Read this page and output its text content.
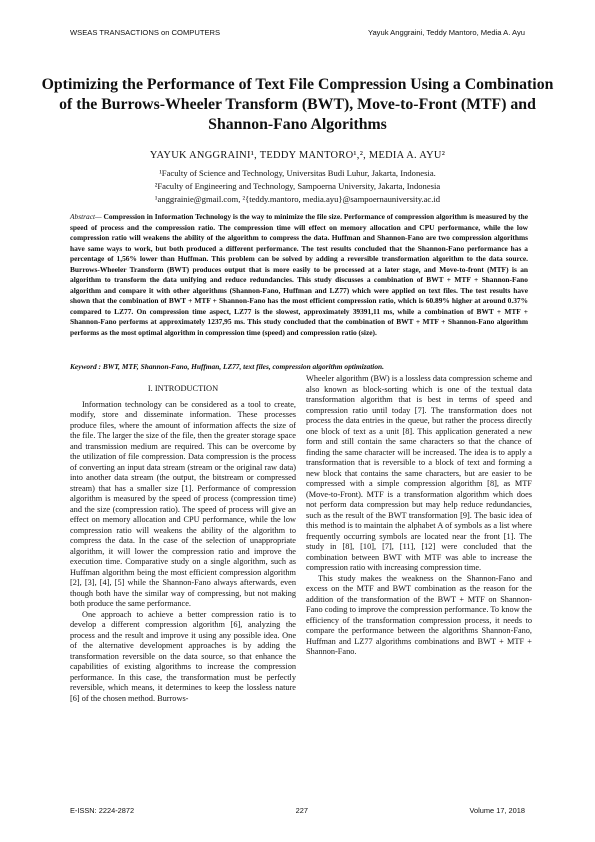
WSEAS TRANSACTIONS on COMPUTERS	Yayuk Anggraini, Teddy Mantoro, Media A. Ayu
Optimizing the Performance of Text File Compression Using a Combination of the Burrows-Wheeler Transform (BWT), Move-to-Front (MTF) and Shannon-Fano Algorithms
YAYUK ANGGRAINI¹, TEDDY MANTORO¹,², MEDIA A. AYU²
¹Faculty of Science and Technology, Universitas Budi Luhur, Jakarta, Indonesia.
²Faculty of Engineering and Technology, Sampoerna University, Jakarta, Indonesia
¹anggrainie@gmail.com, ²{teddy.mantoro, media.ayu}@sampoernauniversity.ac.id
Abstract— Compression in Information Technology is the way to minimize the file size. Performance of compression algorithm is measured by the speed of process and the compression ratio. The compression time will effect on memory allocation and CPU performance, while the low compression ratio will weakens the ability of the algorithm to compress the data. Huffman and Shannon-Fano are two compression algorithms have same ways to work, but both produced a different performance. The test results concluded that the Shannon-Fano performance has a percentage of 1,56% lower than Huffman. This problem can be solved by adding a reversible transformation algorithm to the data source. Burrows-Wheeler Transform (BWT) produces output that is more easily to be processed at a later stage, and Move-to-front (MTF) is an algorithm to transform the data unifying and reduce redundancies. This study discusses a combination of BWT + MTF + Shannon-Fano algorithm and compare it with other algorithms (Shannon-Fano, Huffman and LZ77) which were applied on text files. The test results have shown that the combination of BWT + MTF + Shannon-Fano has the most efficient compression ratio, which is 60.89% higher at around 0.37% compared to LZ77. On compression time aspect, LZ77 is the slowest, approximately 39391,11 ms, while a combination of BWT + MTF + Shannon-Fano performs at approximately 1237,95 ms. This study concluded that the combination of BWT + MTF + Shannon-Fano algorithm performs as the most optimal algorithm in compression time (speed) and compression ratio (size).
Keyword : BWT, MTF, Shannon-Fano, Huffman, LZ77, text files, compression algorithm optimization.
I. INTRODUCTION

Information technology can be considered as a tool to create, modify, store and disseminate information. These processes produce files, where the amount of information affects the size of the file. The larger the size of the file, then the greater storage space and transmission medium are required. This can be overcome by the utilization of file compression. Data compression is the process of converting an input data stream (stream or the original raw data) into another data stream (the output, the bitstream or compressed stream) that has a smaller size [1]. Performance of compression algorithm is measured by the speed of process (compression time) and the size (compression ratio). The speed of process will give an effect on memory allocation and CPU performance, while the low compression ratio will weakens the ability of the algorithm to compress the data. In the case of the selection of unappropriate algorithm, it will lower the compression ratio and improve the execution time. Comparative study on a single algorithm, such as Huffman algorithm being the most efficient compression algorithm [2], [3], [4], [5] while the Shannon-Fano always afterwards, even though both have the similar way of compressing, but not making both produce the same performance.

One approach to achieve a better compression ratio is to develop a different compression algorithm [6], analyzing the process and the result and improve it using any possible idea. One of the alternative development approaches is by adding the transformation reversible on the data source, so that enhance the capabilities of existing algorithms to increase the compression performance. In this case, the transformation must be perfectly reversible, which means, it determines to keep the lossless nature [6] of the chosen method. Burrows-

Wheeler algorithm (BW) is a lossless data compression scheme and also known as block-sorting which is one of the textual data transformation algorithm that is best in terms of speed and compression ratio until today [7]. The transformation does not process the data entries in the queue, but rather the process directly one block of text as a unit [8]. This application generated a new form and still contain the same characters so that the chance of finding the same character will be increased. The idea is to apply a transformation that is reversible to a block of text and forming a new block that contains the same characters, but are easier to be compressed with a simple compression algorithm [8], as MTF (Move-to-Front). MTF is a transformation algorithm which does not perform data compression but may help reduce redundancies, such as the result of the BWT transformation [9]. The basic idea of this method is to maintain the alphabet A of symbols as a list where frequently occurring symbols are located near the front [1]. The study in [8], [10], [7], [11], [12] were concluded that the combination between BWT with MTF was able to increase the compression ratio with increasing compression time.

This study makes the weakness on the Shannon-Fano and excess on the MTF and BWT combination as the reason for the addition of the transformation of the BWT + MTF on Shannon-Fano coding to improve the compression performance. To know the efficiency of the transformation compression process, it needs to compare the performance between the algorithms Shannon-Fano, Huffman and LZ77 algorithms combinations and BWT + MTF + Shannon-Fano.

E-ISSN: 2224-2872	227	Volume 17, 2018
